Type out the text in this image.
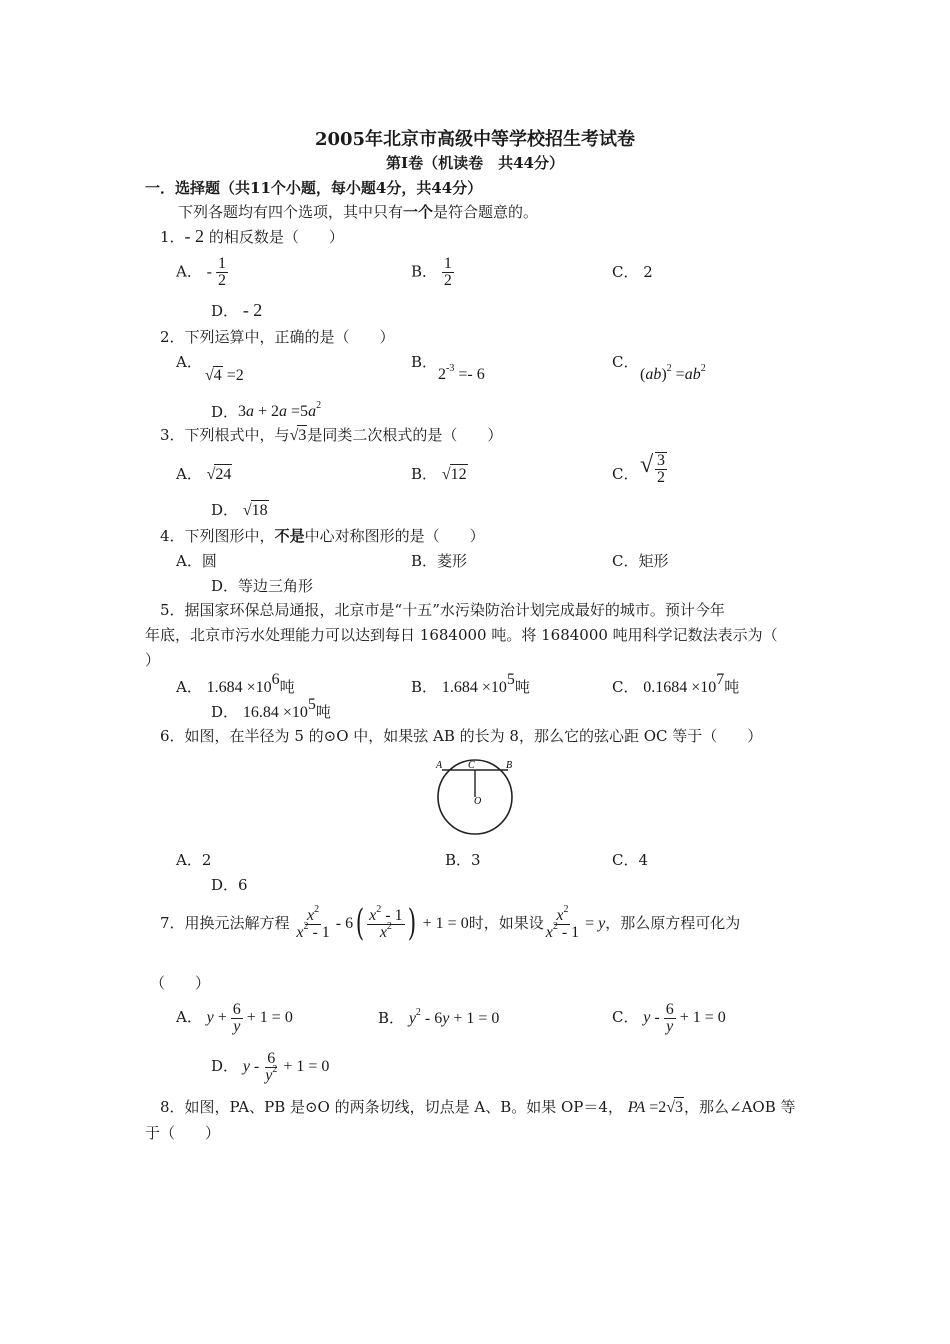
2005年北京市高级中等学校招生考试卷
第Ⅰ卷（机读卷　共44分）
一．选择题（共11个小题，每小题4分，共44分）
下列各题均有四个选项，其中只有一个是符合题意的。
1．- 2 的相反数是（　　）
A． - $\frac{1}{2}$	B． $\frac{1}{2}$	C． 2
D． - 2
2．下列运算中，正确的是（　　）
A．
√4 =2
B．
$2^{-3} =- 6$
C．
$(ab)^2 =ab^2$
D． $3a + 2a =5a^2$
3．下列根式中，与√3是同类二次根式的是（　　）
A． √24	B． √12	C． √ $\frac{3}{2}$
D． √18
4．下列图形中，不是中心对称图形的是（　　）
A．圆	B．菱形	C．矩形
D．等边三角形
5．据国家环保总局通报，北京市是“十五”水污染防治计划完成最好的城市。预计今年
年底，北京市污水处理能力可以达到每日 1684000 吨。将 1684000 吨用科学记数法表示为（
）
A． $1.684 \times 10^6$吨	B． $1.684 \times 10^5$吨	C． $0.1684 \times 10^7$吨
D． $16.84 \times 10^5$吨
6．如图，在半径为 5 的⊙O 中，如果弦 AB 的长为 8，那么它的弦心距 OC 等于（　　）
A	B
C
O
A．2	B．3	C．4
D．6
7．用换元法解方程 $\frac{x^2}{x^2 - 1} - 6( \frac{x^2 - 1}{x^2}$ ) + 1 = 0时，如果设 $\frac{x^2}{x^2 - 1} = y$，那么原方程可化为
（　　）
A． $y + \frac{6}{y} + 1 = 0$	B． $y^2 - 6y + 1 = 0$	C． $y - \frac{6}{y} + 1 = 0$
D． $y - \frac{6}{y^2} + 1 = 0$
8．如图，PA、PB 是⊙O 的两条切线，切点是 A、B。如果 OP＝4， PA =2√3，那么∠AOB 等
于（　　）
